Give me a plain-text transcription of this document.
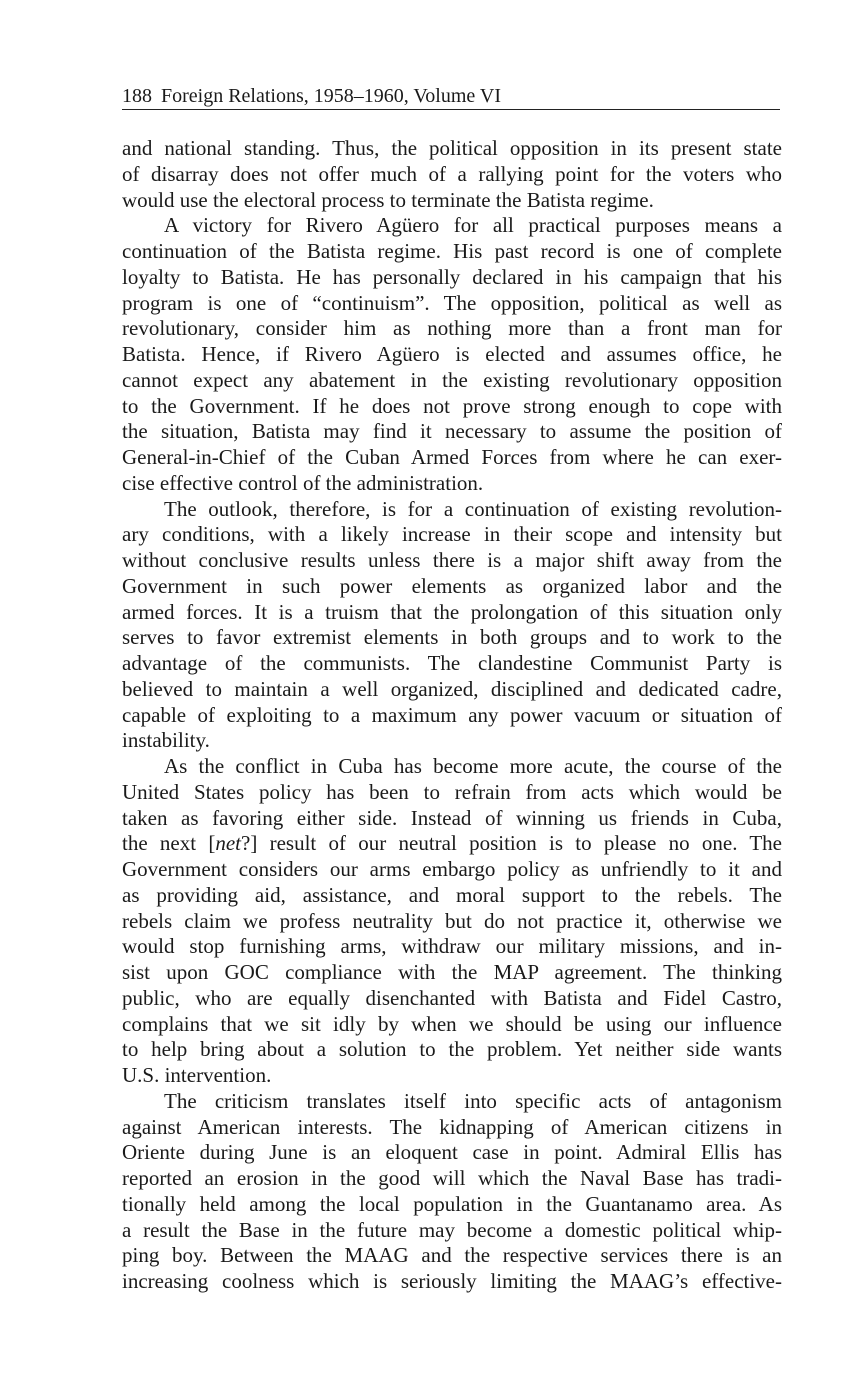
188 Foreign Relations, 1958–1960, Volume VI
and national standing. Thus, the political opposition in its present state
of disarray does not offer much of a rallying point for the voters who
would use the electoral process to terminate the Batista regime.
A victory for Rivero Agüero for all practical purposes means a
continuation of the Batista regime. His past record is one of complete
loyalty to Batista. He has personally declared in his campaign that his
program is one of “continuism”. The opposition, political as well as
revolutionary, consider him as nothing more than a front man for
Batista. Hence, if Rivero Agüero is elected and assumes office, he
cannot expect any abatement in the existing revolutionary opposition
to the Government. If he does not prove strong enough to cope with
the situation, Batista may find it necessary to assume the position of
General-in-Chief of the Cuban Armed Forces from where he can exer-
cise effective control of the administration.
The outlook, therefore, is for a continuation of existing revolution-
ary conditions, with a likely increase in their scope and intensity but
without conclusive results unless there is a major shift away from the
Government in such power elements as organized labor and the
armed forces. It is a truism that the prolongation of this situation only
serves to favor extremist elements in both groups and to work to the
advantage of the communists. The clandestine Communist Party is
believed to maintain a well organized, disciplined and dedicated cadre,
capable of exploiting to a maximum any power vacuum or situation of
instability.
As the conflict in Cuba has become more acute, the course of the
United States policy has been to refrain from acts which would be
taken as favoring either side. Instead of winning us friends in Cuba,
the next [net?] result of our neutral position is to please no one. The
Government considers our arms embargo policy as unfriendly to it and
as providing aid, assistance, and moral support to the rebels. The
rebels claim we profess neutrality but do not practice it, otherwise we
would stop furnishing arms, withdraw our military missions, and in-
sist upon GOC compliance with the MAP agreement. The thinking
public, who are equally disenchanted with Batista and Fidel Castro,
complains that we sit idly by when we should be using our influence
to help bring about a solution to the problem. Yet neither side wants
U.S. intervention.
The criticism translates itself into specific acts of antagonism
against American interests. The kidnapping of American citizens in
Oriente during June is an eloquent case in point. Admiral Ellis has
reported an erosion in the good will which the Naval Base has tradi-
tionally held among the local population in the Guantanamo area. As
a result the Base in the future may become a domestic political whip-
ping boy. Between the MAAG and the respective services there is an
increasing coolness which is seriously limiting the MAAG’s effective-
